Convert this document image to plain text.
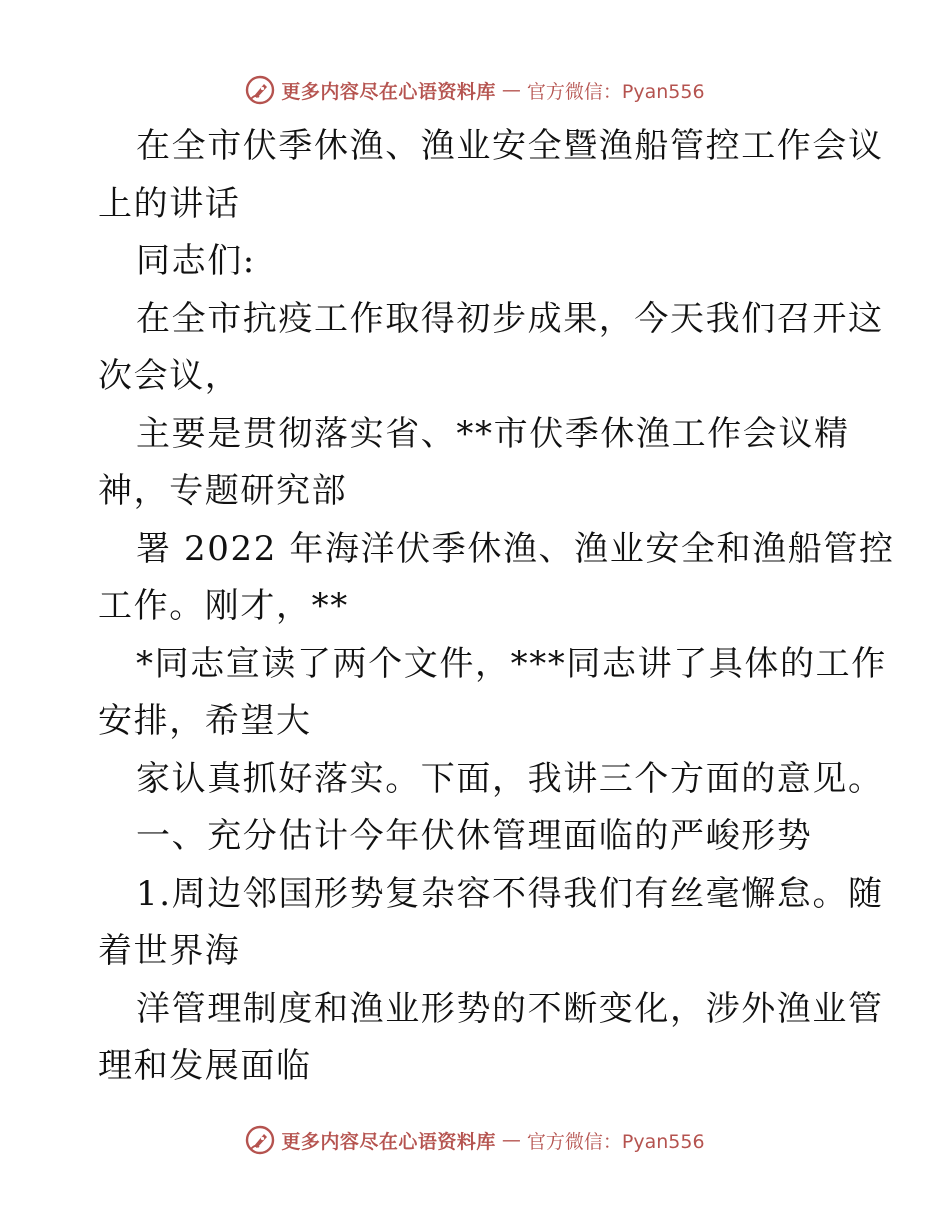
更多内容尽在心语资料库 — 官方微信：Pyan556
在全市伏季休渔、渔业安全暨渔船管控工作会议
上的讲话
同志们:
在全市抗疫工作取得初步成果，今天我们召开这
次会议，
主要是贯彻落实省、**市伏季休渔工作会议精
神，专题研究部
署 2022 年海洋伏季休渔、渔业安全和渔船管控
工作。刚才，**
*同志宣读了两个文件，***同志讲了具体的工作
安排，希望大
家认真抓好落实。下面，我讲三个方面的意见。
一、充分估计今年伏休管理面临的严峻形势
1.周边邻国形势复杂容不得我们有丝毫懈怠。随
着世界海
洋管理制度和渔业形势的不断变化，涉外渔业管
理和发展面临
更多内容尽在心语资料库 — 官方微信：Pyan556
